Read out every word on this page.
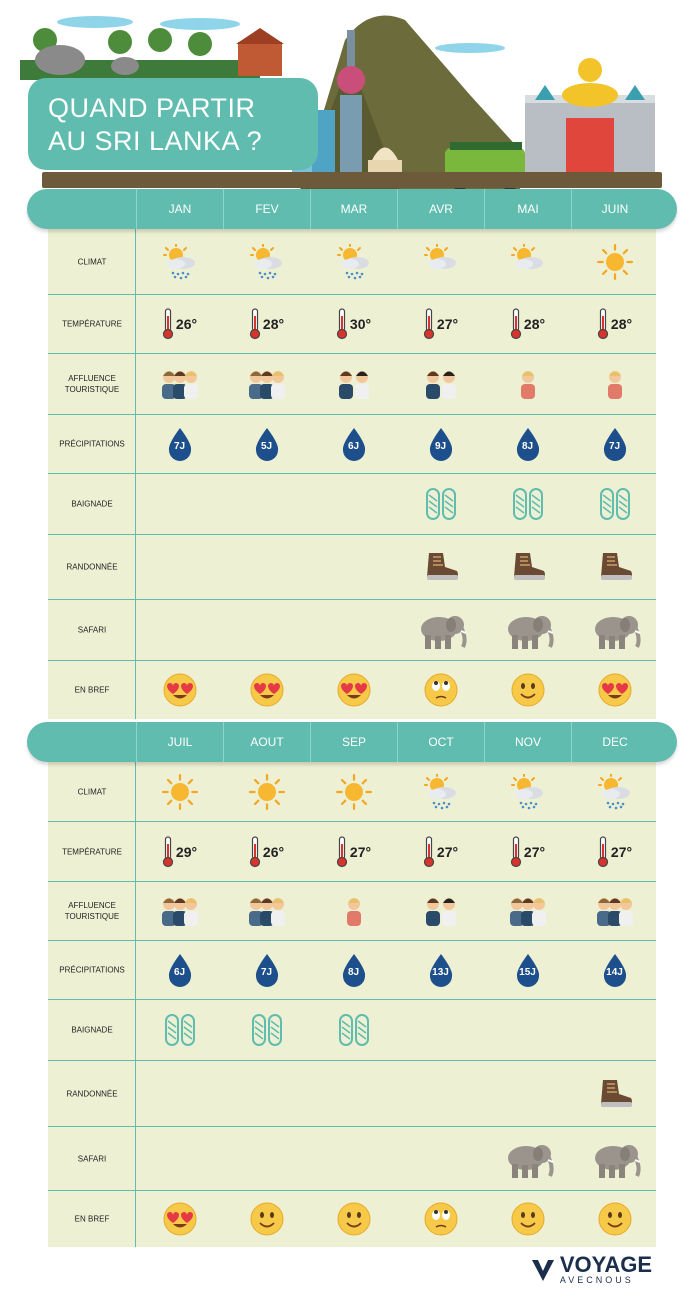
QUAND PARTIR
AU SRI LANKA ?
CLIMAT
TEMPÉRATURE	26°	28°	30°	27°	28°	28°
AFFLUENCE TOURISTIQUE
PRÉCIPITATIONS	7J	5J	6J	9J	8J	7J
BAIGNADE
RANDONNÉE
SAFARI
EN BREF
JAN	FEV	MAR	AVR	MAI	JUIN
CLIMAT
TEMPÉRATURE	29°	26°	27°	27°	27°	27°
AFFLUENCE TOURISTIQUE
PRÉCIPITATIONS	6J	7J	8J	13J	15J	14J
BAIGNADE
RANDONNÉE
SAFARI
EN BREF
JUIL	AOUT	SEP	OCT	NOV	DEC
VOYAGE
AVECNOUS
